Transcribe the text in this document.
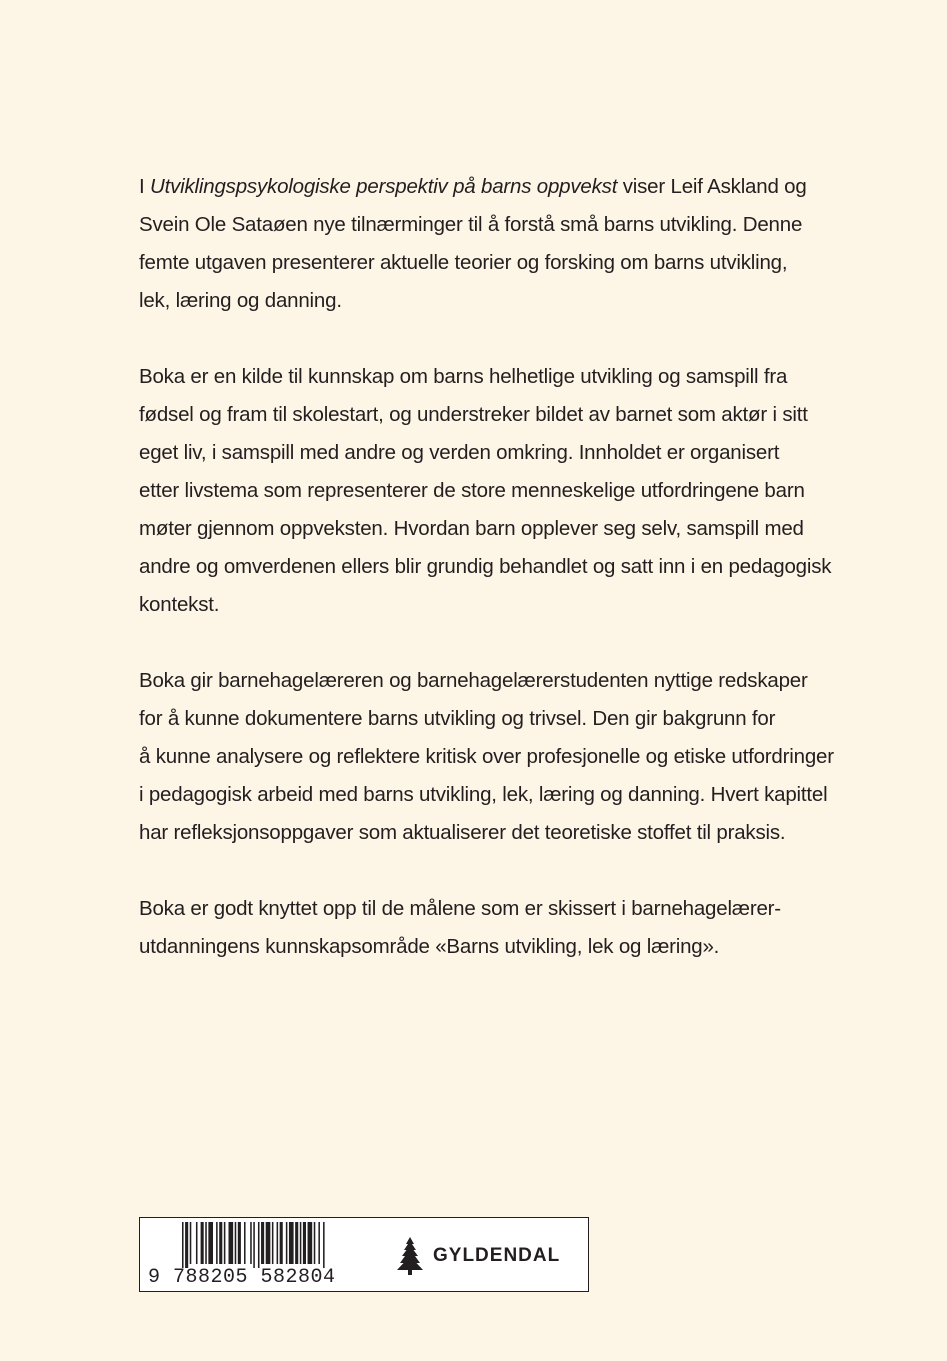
I Utviklingspsykologiske perspektiv på barns oppvekst viser Leif Askland og
Svein Ole Sataøen nye tilnærminger til å forstå små barns utvikling. Denne
femte utgaven presenterer aktuelle teorier og forsking om barns utvikling,
lek, læring og danning.

Boka er en kilde til kunnskap om barns helhetlige utvikling og samspill fra
fødsel og fram til skolestart, og understreker bildet av barnet som aktør i sitt
eget liv, i samspill med andre og verden omkring. Innholdet er organisert
etter livstema som representerer de store menneskelige utfordringene barn
møter gjennom oppveksten. Hvordan barn opplever seg selv, samspill med
andre og omverdenen ellers blir grundig behandlet og satt inn i en pedagogisk
kontekst.

Boka gir barnehagelæreren og barnehagelærerstudenten nyttige redskaper
for å kunne dokumentere barns utvikling og trivsel. Den gir bakgrunn for
å kunne analysere og reflektere kritisk over profesjonelle og etiske utfordringer
i pedagogisk arbeid med barns utvikling, lek, læring og danning. Hvert kapittel
har refleksjonsoppgaver som aktualiserer det teoretiske stoffet til praksis.

Boka er godt knyttet opp til de målene som er skissert i barnehagelærer-
utdanningens kunnskapsområde «Barns utvikling, lek og læring».

9 788205 582804
GYLDENDAL
